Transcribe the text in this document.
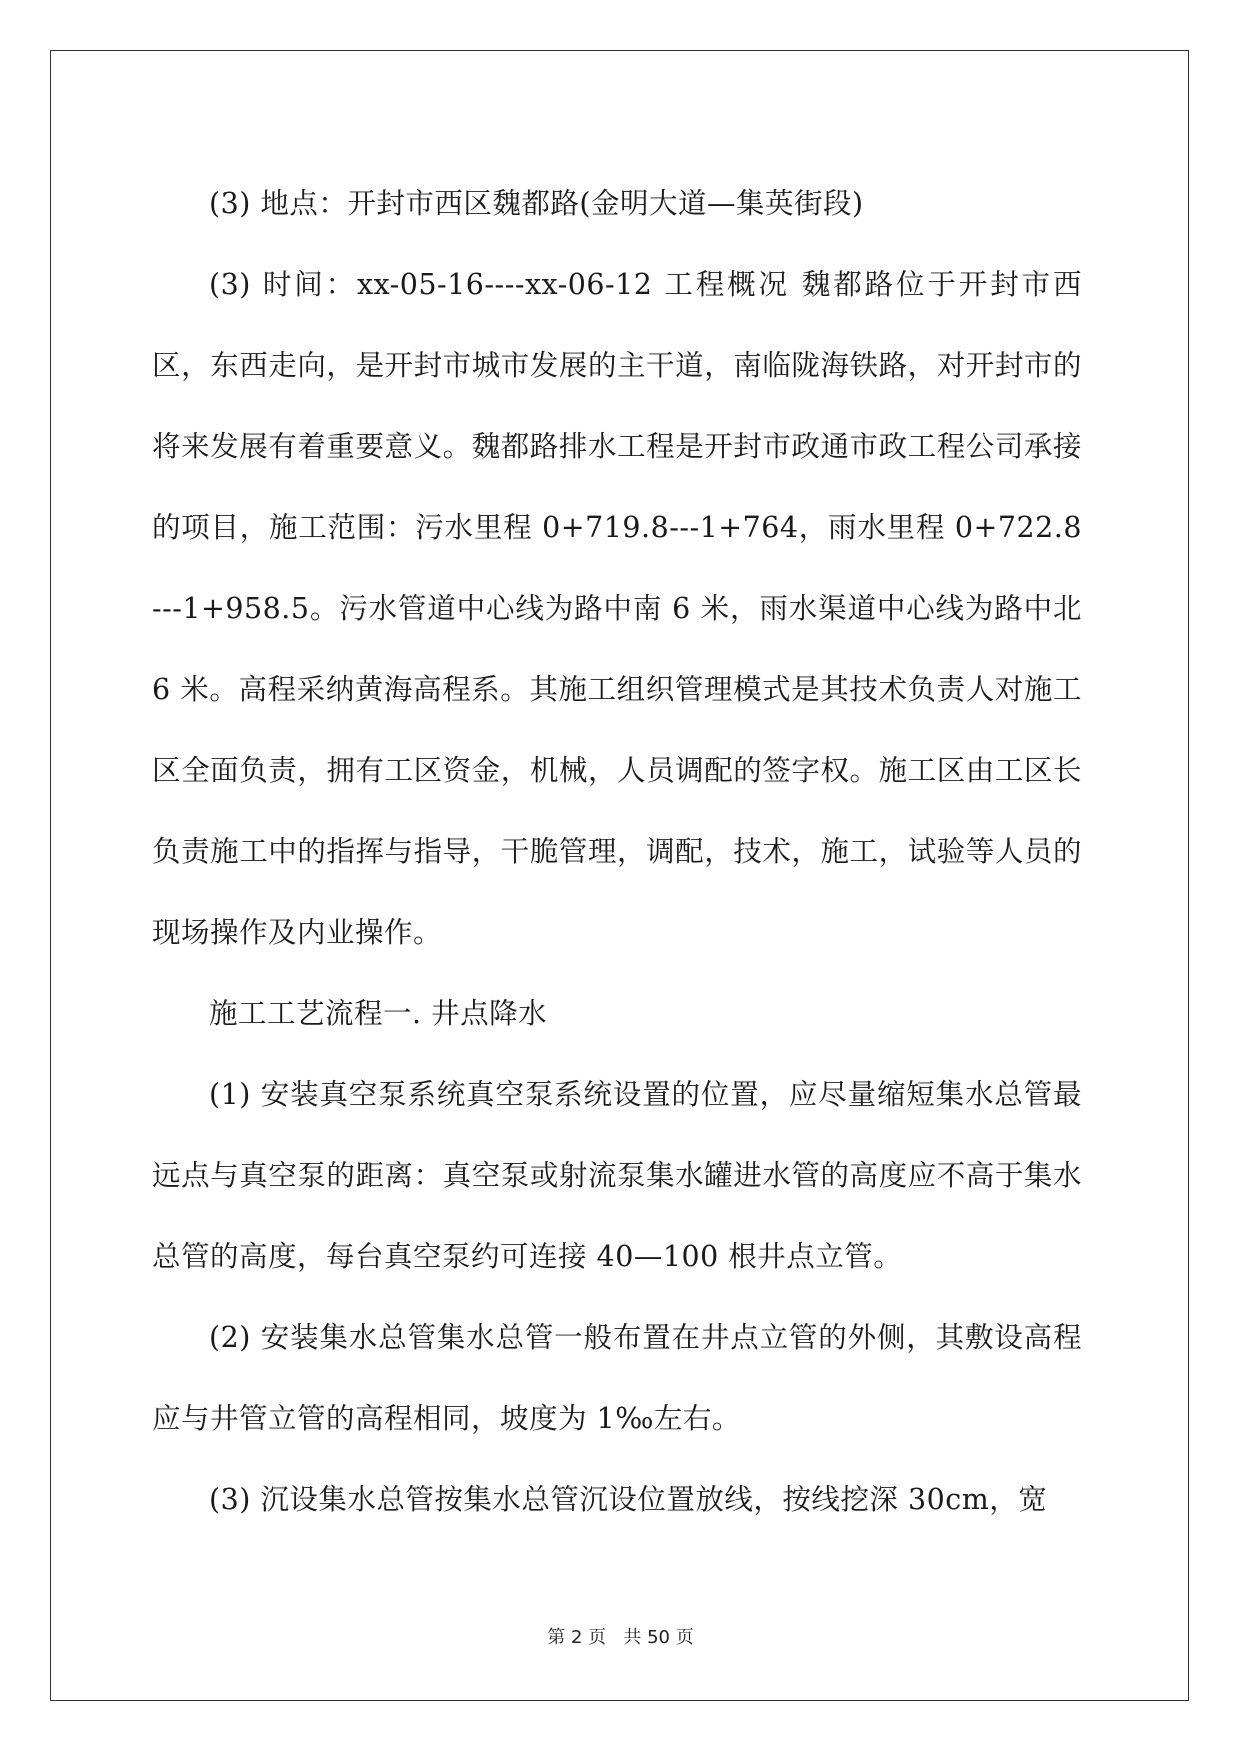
(3) 地点：开封市西区魏都路(金明大道—集英街段)

(3) 时间：xx-05-16----xx-06-12 工程概况 魏都路位于开封市西区，东西走向，是开封市城市发展的主干道，南临陇海铁路，对开封市的将来发展有着重要意义。魏都路排水工程是开封市政通市政工程公司承接的项目，施工范围：污水里程 0+719.8---1+764，雨水里程 0+722.8---1+958.5。污水管道中心线为路中南 6 米，雨水渠道中心线为路中北 6 米。高程采纳黄海高程系。其施工组织管理模式是其技术负责人对施工区全面负责，拥有工区资金，机械，人员调配的签字权。施工区由工区长负责施工中的指挥与指导，干脆管理，调配，技术，施工，试验等人员的现场操作及内业操作。

施工工艺流程一. 井点降水

(1) 安装真空泵系统真空泵系统设置的位置，应尽量缩短集水总管最远点与真空泵的距离：真空泵或射流泵集水罐进水管的高度应不高于集水总管的高度，每台真空泵约可连接 40—100 根井点立管。

(2) 安装集水总管集水总管一般布置在井点立管的外侧，其敷设高程应与井管立管的高程相同，坡度为 1‰左右。

(3) 沉设集水总管按集水总管沉设位置放线，按线挖深 30cm，宽

第 2 页 共 50 页
